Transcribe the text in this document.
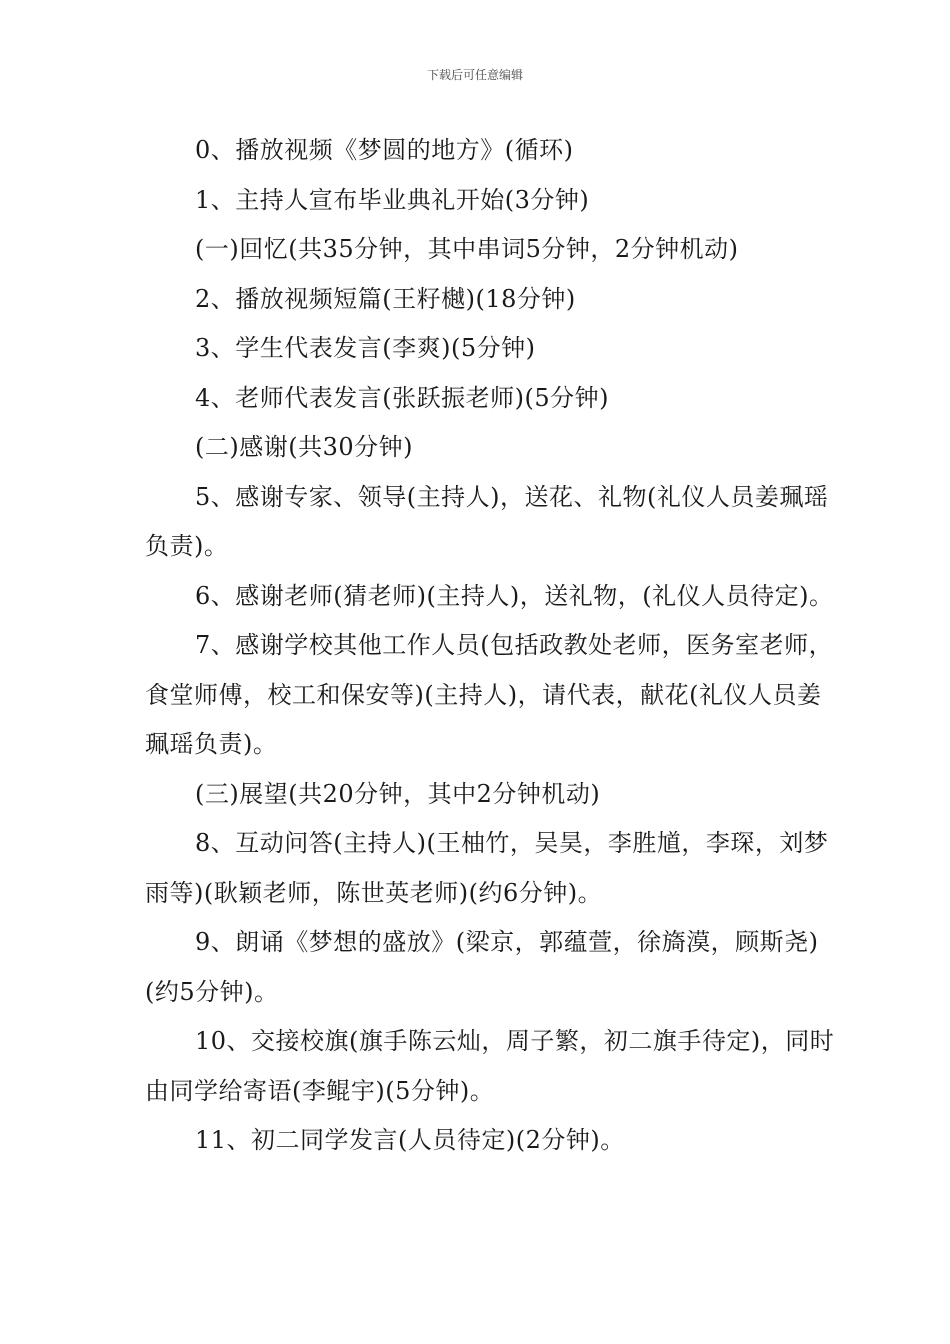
下载后可任意编辑

0、播放视频《梦圆的地方》(循环)

1、主持人宣布毕业典礼开始(3分钟)

(一)回忆(共35分钟，其中串词5分钟，2分钟机动)

2、播放视频短篇(王籽樾)(18分钟)

3、学生代表发言(李爽)(5分钟)

4、老师代表发言(张跃振老师)(5分钟)

(二)感谢(共30分钟)

5、感谢专家、领导(主持人)，送花、礼物(礼仪人员姜珮瑶负责)。

6、感谢老师(猜老师)(主持人)，送礼物，(礼仪人员待定)。

7、感谢学校其他工作人员(包括政教处老师，医务室老师，食堂师傅，校工和保安等)(主持人)，请代表，献花(礼仪人员姜珮瑶负责)。

(三)展望(共20分钟，其中2分钟机动)

8、互动问答(主持人)(王柚竹，吴昊，李胜馗，李琛，刘梦雨等)(耿颖老师，陈世英老师)(约6分钟)。

9、朗诵《梦想的盛放》(梁京，郭蕴萱，徐旖漠，顾斯尧)(约5分钟)。

10、交接校旗(旗手陈云灿，周子繁，初二旗手待定)，同时由同学给寄语(李鲲宇)(5分钟)。

11、初二同学发言(人员待定)(2分钟)。
